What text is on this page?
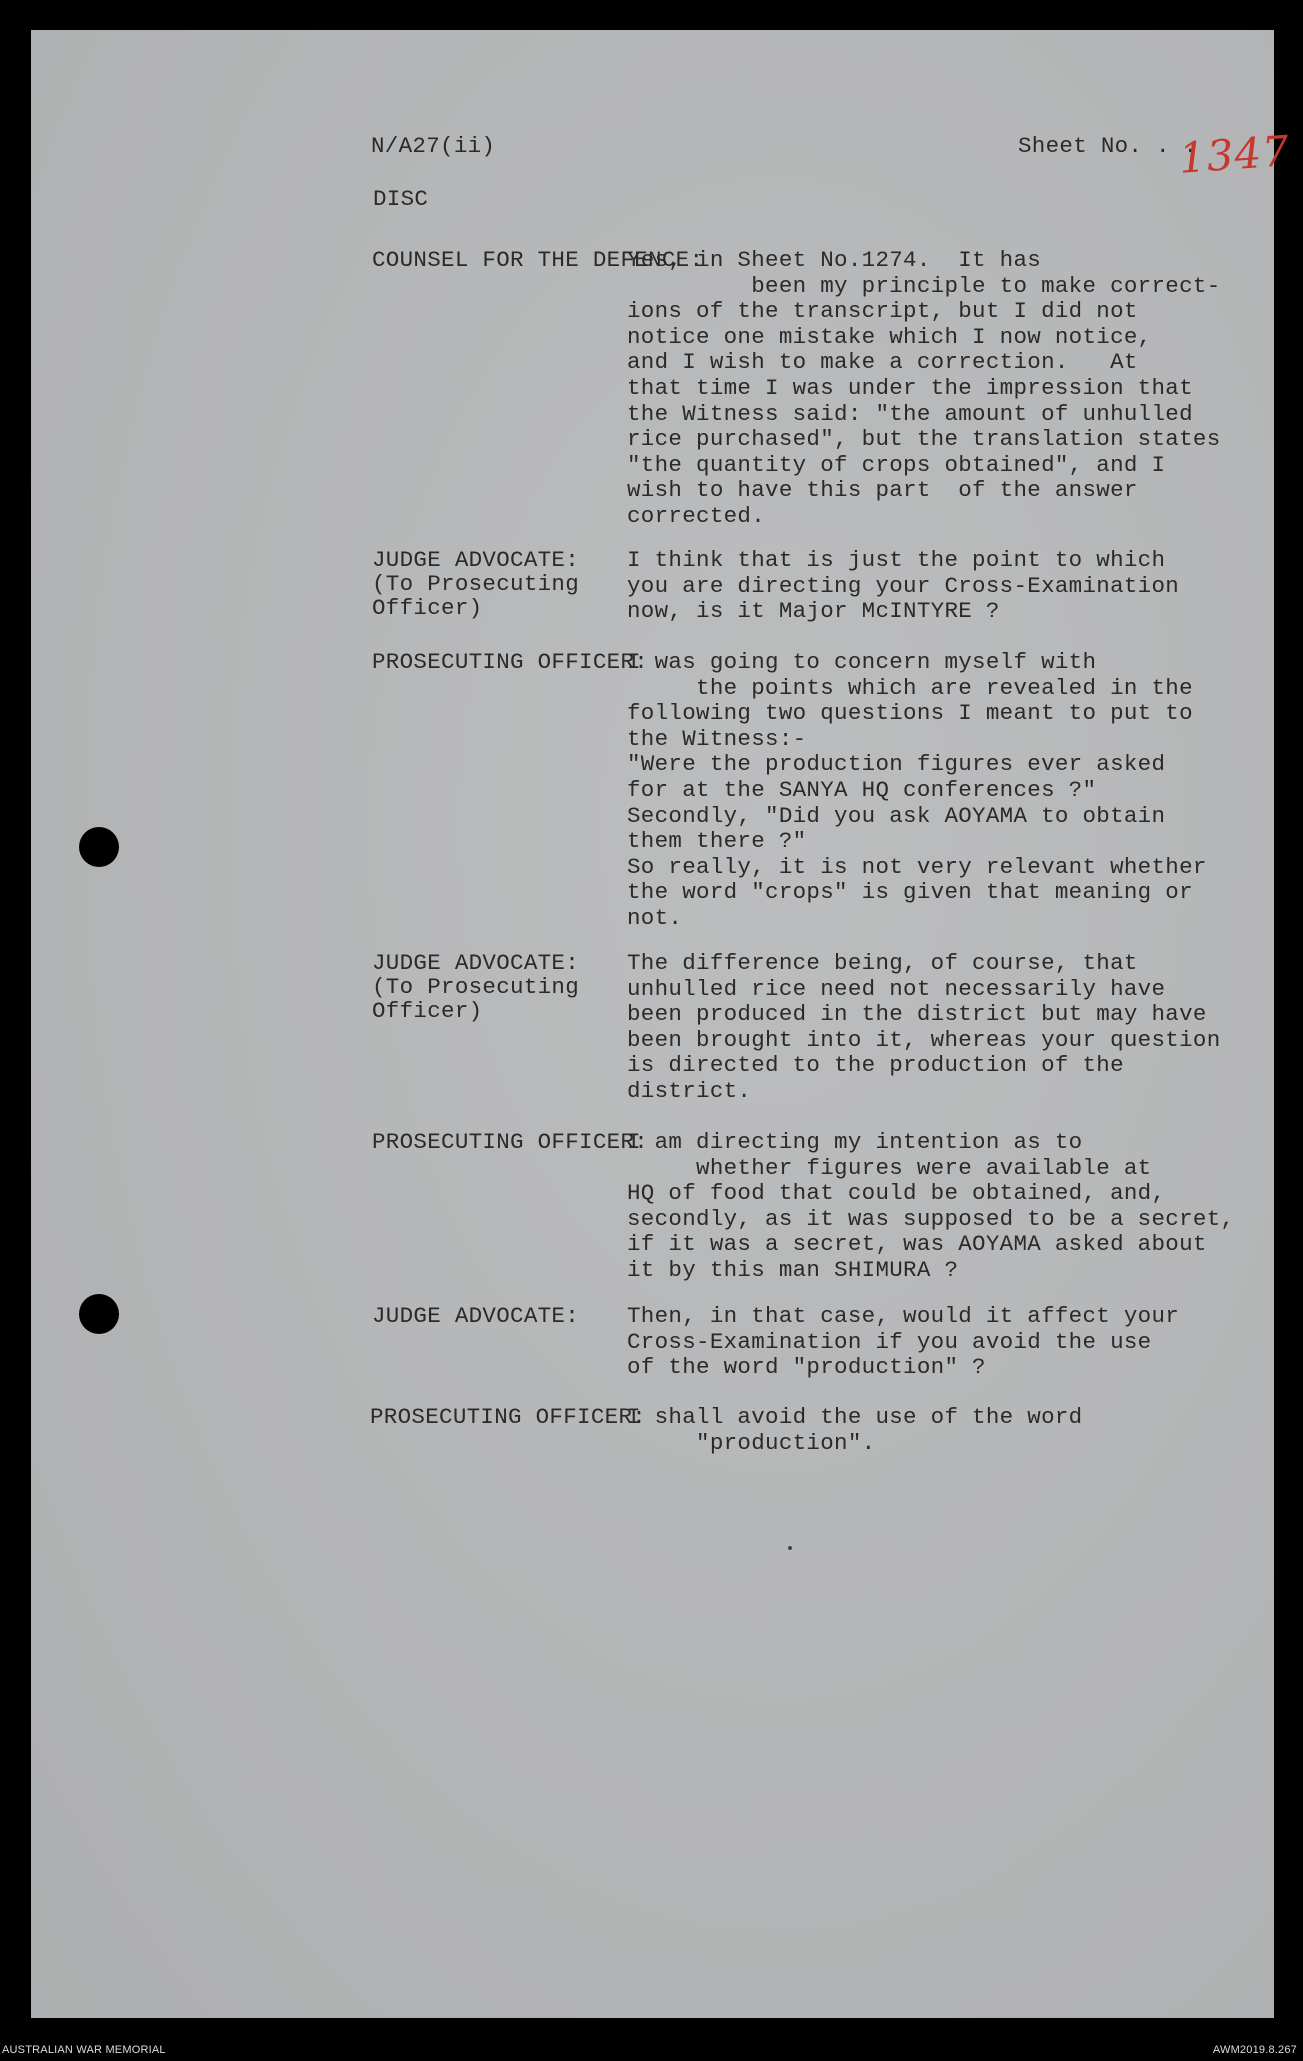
N/A27(ii)	Sheet No. . .

1347

DISC

COUNSEL FOR THE DEFENCE:

Yes, in Sheet No.1274.  It has
been my principle to make correct-
ions of the transcript, but I did not
notice one mistake which I now notice,
and I wish to make a correction.   At
that time I was under the impression that
the Witness said: "the amount of unhulled
rice purchased", but the translation states
"the quantity of crops obtained", and I
wish to have this part  of the answer
corrected.

JUDGE ADVOCATE:
(To Prosecuting
Officer)

I think that is just the point to which
you are directing your Cross-Examination
now, is it Major McINTYRE ?

PROSECUTING OFFICER:

I was going to concern myself with
the points which are revealed in the
following two questions I meant to put to
the Witness:-
"Were the production figures ever asked
for at the SANYA HQ conferences ?"
Secondly, "Did you ask AOYAMA to obtain
them there ?"
So really, it is not very relevant whether
the word "crops" is given that meaning or
not.

JUDGE ADVOCATE:
(To Prosecuting
Officer)

The difference being, of course, that
unhulled rice need not necessarily have
been produced in the district but may have
been brought into it, whereas your question
is directed to the production of the
district.

PROSECUTING OFFICER:

I am directing my intention as to
whether figures were available at
HQ of food that could be obtained, and,
secondly, as it was supposed to be a secret,
if it was a secret, was AOYAMA asked about
it by this man SHIMURA ?

JUDGE ADVOCATE: Then, in that case, would it affect your
Cross-Examination if you avoid the use
of the word "production" ?

PROSECUTING OFFICER:

I shall avoid the use of the word
"production".

AUSTRALIAN WAR MEMORIAL	AWM2019.8.267
